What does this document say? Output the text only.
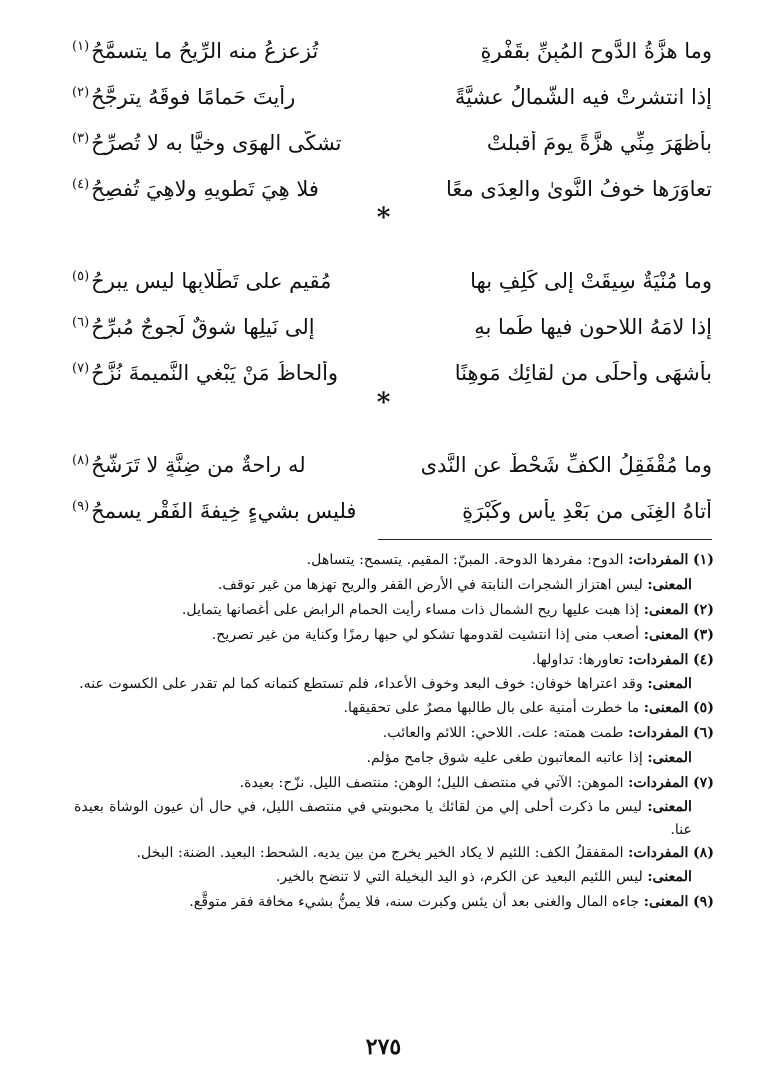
وما هزَّةُ الدَّوحِ المُبِنِّ بقَفْرةٍ
تُزعزِعُ منه الرِّيحُ ما يتسمَّحُ$^{(١)}$
إذا انتشرتْ فيه الشَّمالُ عشيَّةً
رأيتَ حَمامًا فوقَهُ يترجَّحُ$^{(٢)}$
بأظهَرَ مِنِّي هزَّةً يومَ أقبلتْ
تشكَّى الهوَى وخيًّا به لا تُصرِّحُ$^{(٣)}$
تعاوَرَها خوفُ النَّوىٰ والعِدَى معًا
فلا هِيَ تَطويهِ ولاهِيَ تُفصِحُ$^{(٤)}$
*
وما مُنْيَةٌ سِيقَتْ إلى كَلِفٍ بها
مُقيمٍ على تَطْلابِها ليس يبرحُ$^{(٥)}$
إذا لامَهُ اللاحون فيها طَما بهِ
إلى نَيلِها شوقٌ لَجوجٌ مُبرِّحُ$^{(٦)}$
بأشهَى وأحلَى من لقائِك مَوهِنًا
وألحاظُ مَنْ يَبْغي النَّميمةَ نُزَّحُ$^{(٧)}$
*
وما مُقْفَقِلُ الكفِّ شَحْطٌ عن النَّدى
له راحةٌ من ضِنَّةٍ لا تَرَشَّحُ$^{(٨)}$
أتاهُ الغِنَى من بَعْدِ يأسٍ وكَبْرَةٍ
فليس بشيءٍ خِيفةَ الفَقْرِ يسمحُ$^{(٩)}$
(١) المفردات: الدوح: مفردها الدوحة. المبنّ: المقيم. يتسمح: يتساهل.
المعنى: ليس اهتزاز الشجرات النابتة في الأرض القفر والريح تهزها من غير توقف.
(٢) المعنى: إذا هبت عليها ريح الشمال ذات مساء رأيت الحمام الرابض على أغصانها يتمايل.
(٣) المعنى: أصعب منى إذا انتشيت لقدومها تشكو لي حبها رمزًا وكناية من غير تصريح.
(٤) المفردات: تعاورها: تداولها.
المعنى: وقد اعتراها خوفان: خوف البعد وخوف الأعداء، فلم تستطع كتمانه كما لم تقدر على الكسوت عنه.
(٥) المعنى: ما خطرت أمنية على بال طالبها مصرٌ على تحقيقها.
(٦) المفردات: طمت همته: علت. اللاحي: اللائم والعائب.
المعنى: إذا عاتبه المعاتبون طغى عليه شوق جامح مؤلم.
(٧) المفردات: الموهن: الآتي في منتصف الليل؛ الوهن: منتصف الليل. نزّح: بعيدة.
المعنى: ليس ما ذكرت أحلى إلي من لقائك يا محبوبتي في منتصف الليل، في حال أن عيون الوشاة بعيدة عنا.
(٨) المفردات: المقفقلُ الكف: اللئيم لا يكاد الخير يخرج من بين يديه. الشحط: البعيد. الضنة: البخل.
المعنى: ليس اللئيم البعيد عن الكرم، ذو اليد البخيلة التي لا تنضح بالخير.
(٩) المعنى: جاءه المال والغنى بعد أن يئس وكبرت سنه، فلا يمنُّ بشيء مخافة فقر متوقَّع.
٢٧٥
